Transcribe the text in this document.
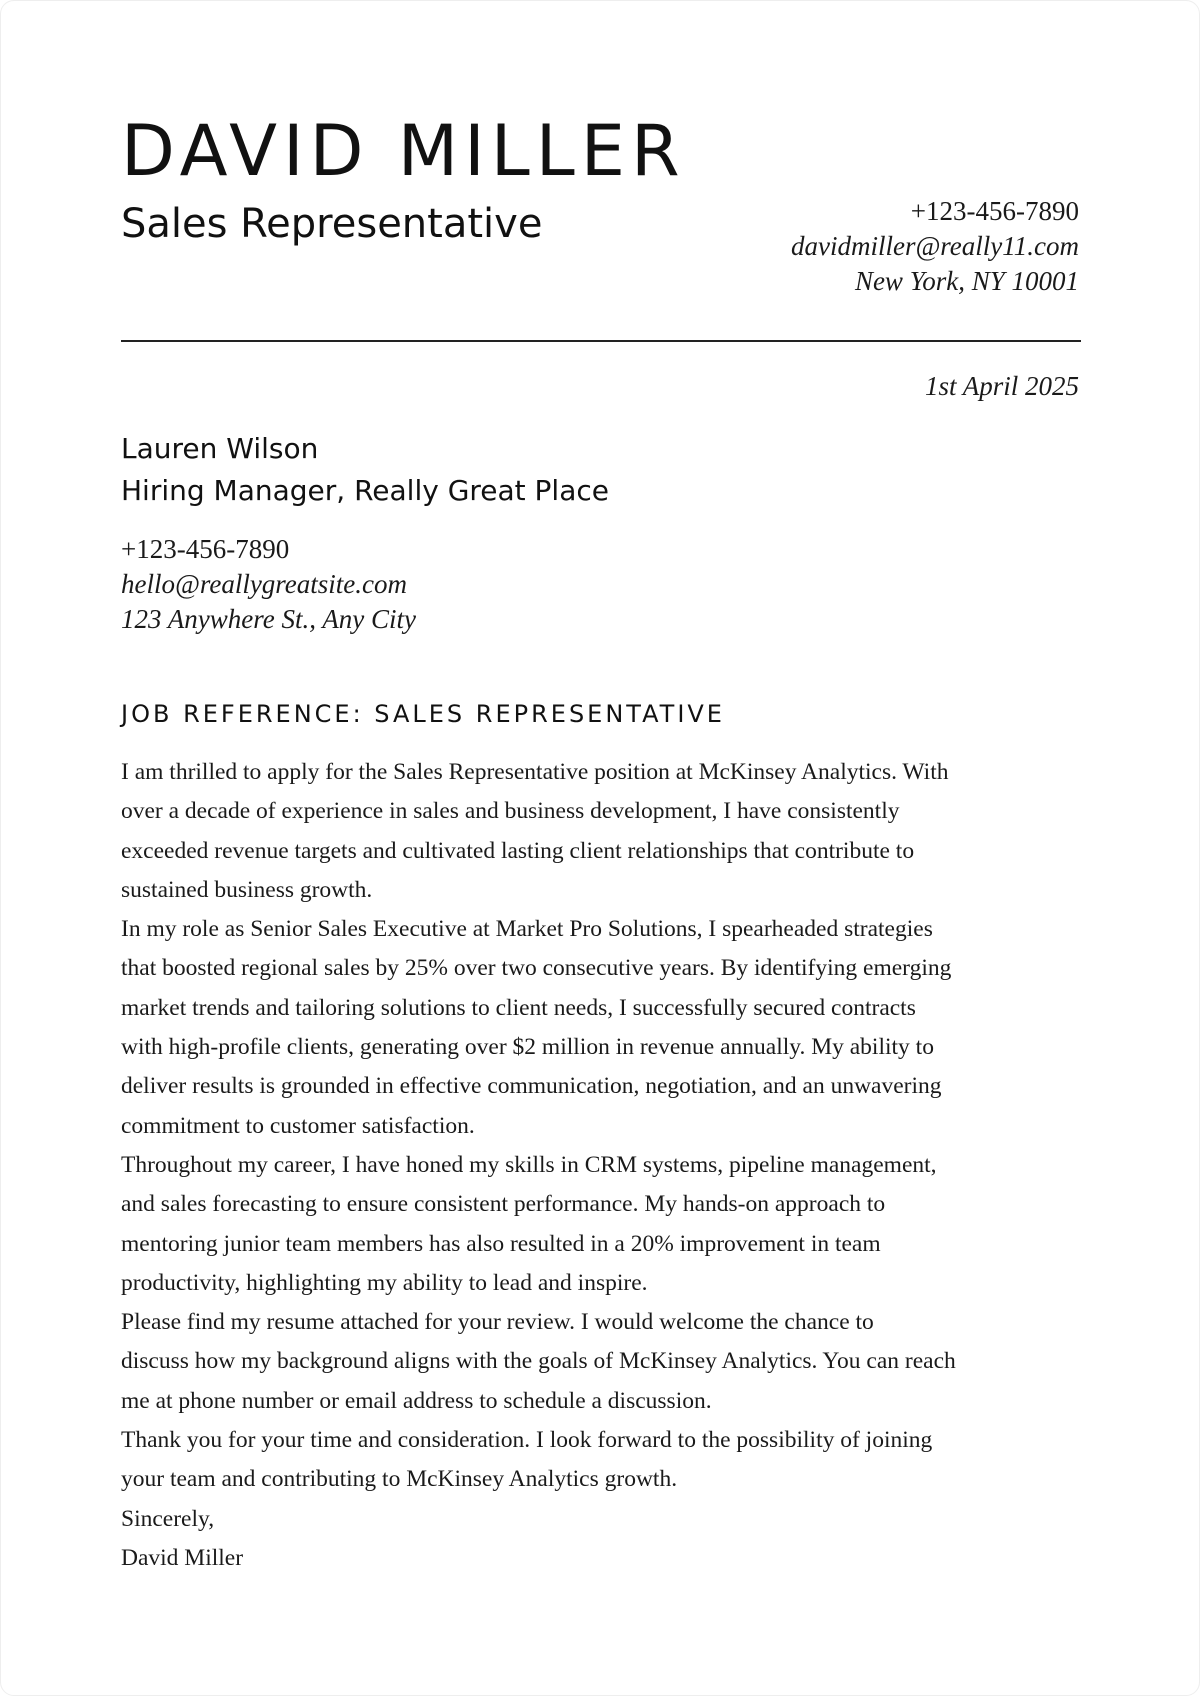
DAVID MILLER
Sales Representative	+123-456-7890
davidmiller@really11.com
New York, NY 10001
1st April 2025
Lauren Wilson
Hiring Manager, Really Great Place
+123-456-7890
hello@reallygreatsite.com
123 Anywhere St., Any City
JOB REFERENCE: SALES REPRESENTATIVE

I am thrilled to apply for the Sales Representative position at McKinsey Analytics. With
over a decade of experience in sales and business development, I have consistently
exceeded revenue targets and cultivated lasting client relationships that contribute to
sustained business growth.

In my role as Senior Sales Executive at Market Pro Solutions, I spearheaded strategies
that boosted regional sales by 25% over two consecutive years. By identifying emerging
market trends and tailoring solutions to client needs, I successfully secured contracts
with high-profile clients, generating over $2 million in revenue annually. My ability to
deliver results is grounded in effective communication, negotiation, and an unwavering
commitment to customer satisfaction.

Throughout my career, I have honed my skills in CRM systems, pipeline management,
and sales forecasting to ensure consistent performance. My hands-on approach to
mentoring junior team members has also resulted in a 20% improvement in team
productivity, highlighting my ability to lead and inspire.

Please find my resume attached for your review. I would welcome the chance to
discuss how my background aligns with the goals of McKinsey Analytics. You can reach
me at phone number or email address to schedule a discussion.

Thank you for your time and consideration. I look forward to the possibility of joining
your team and contributing to McKinsey Analytics growth.

Sincerely,
David Miller
